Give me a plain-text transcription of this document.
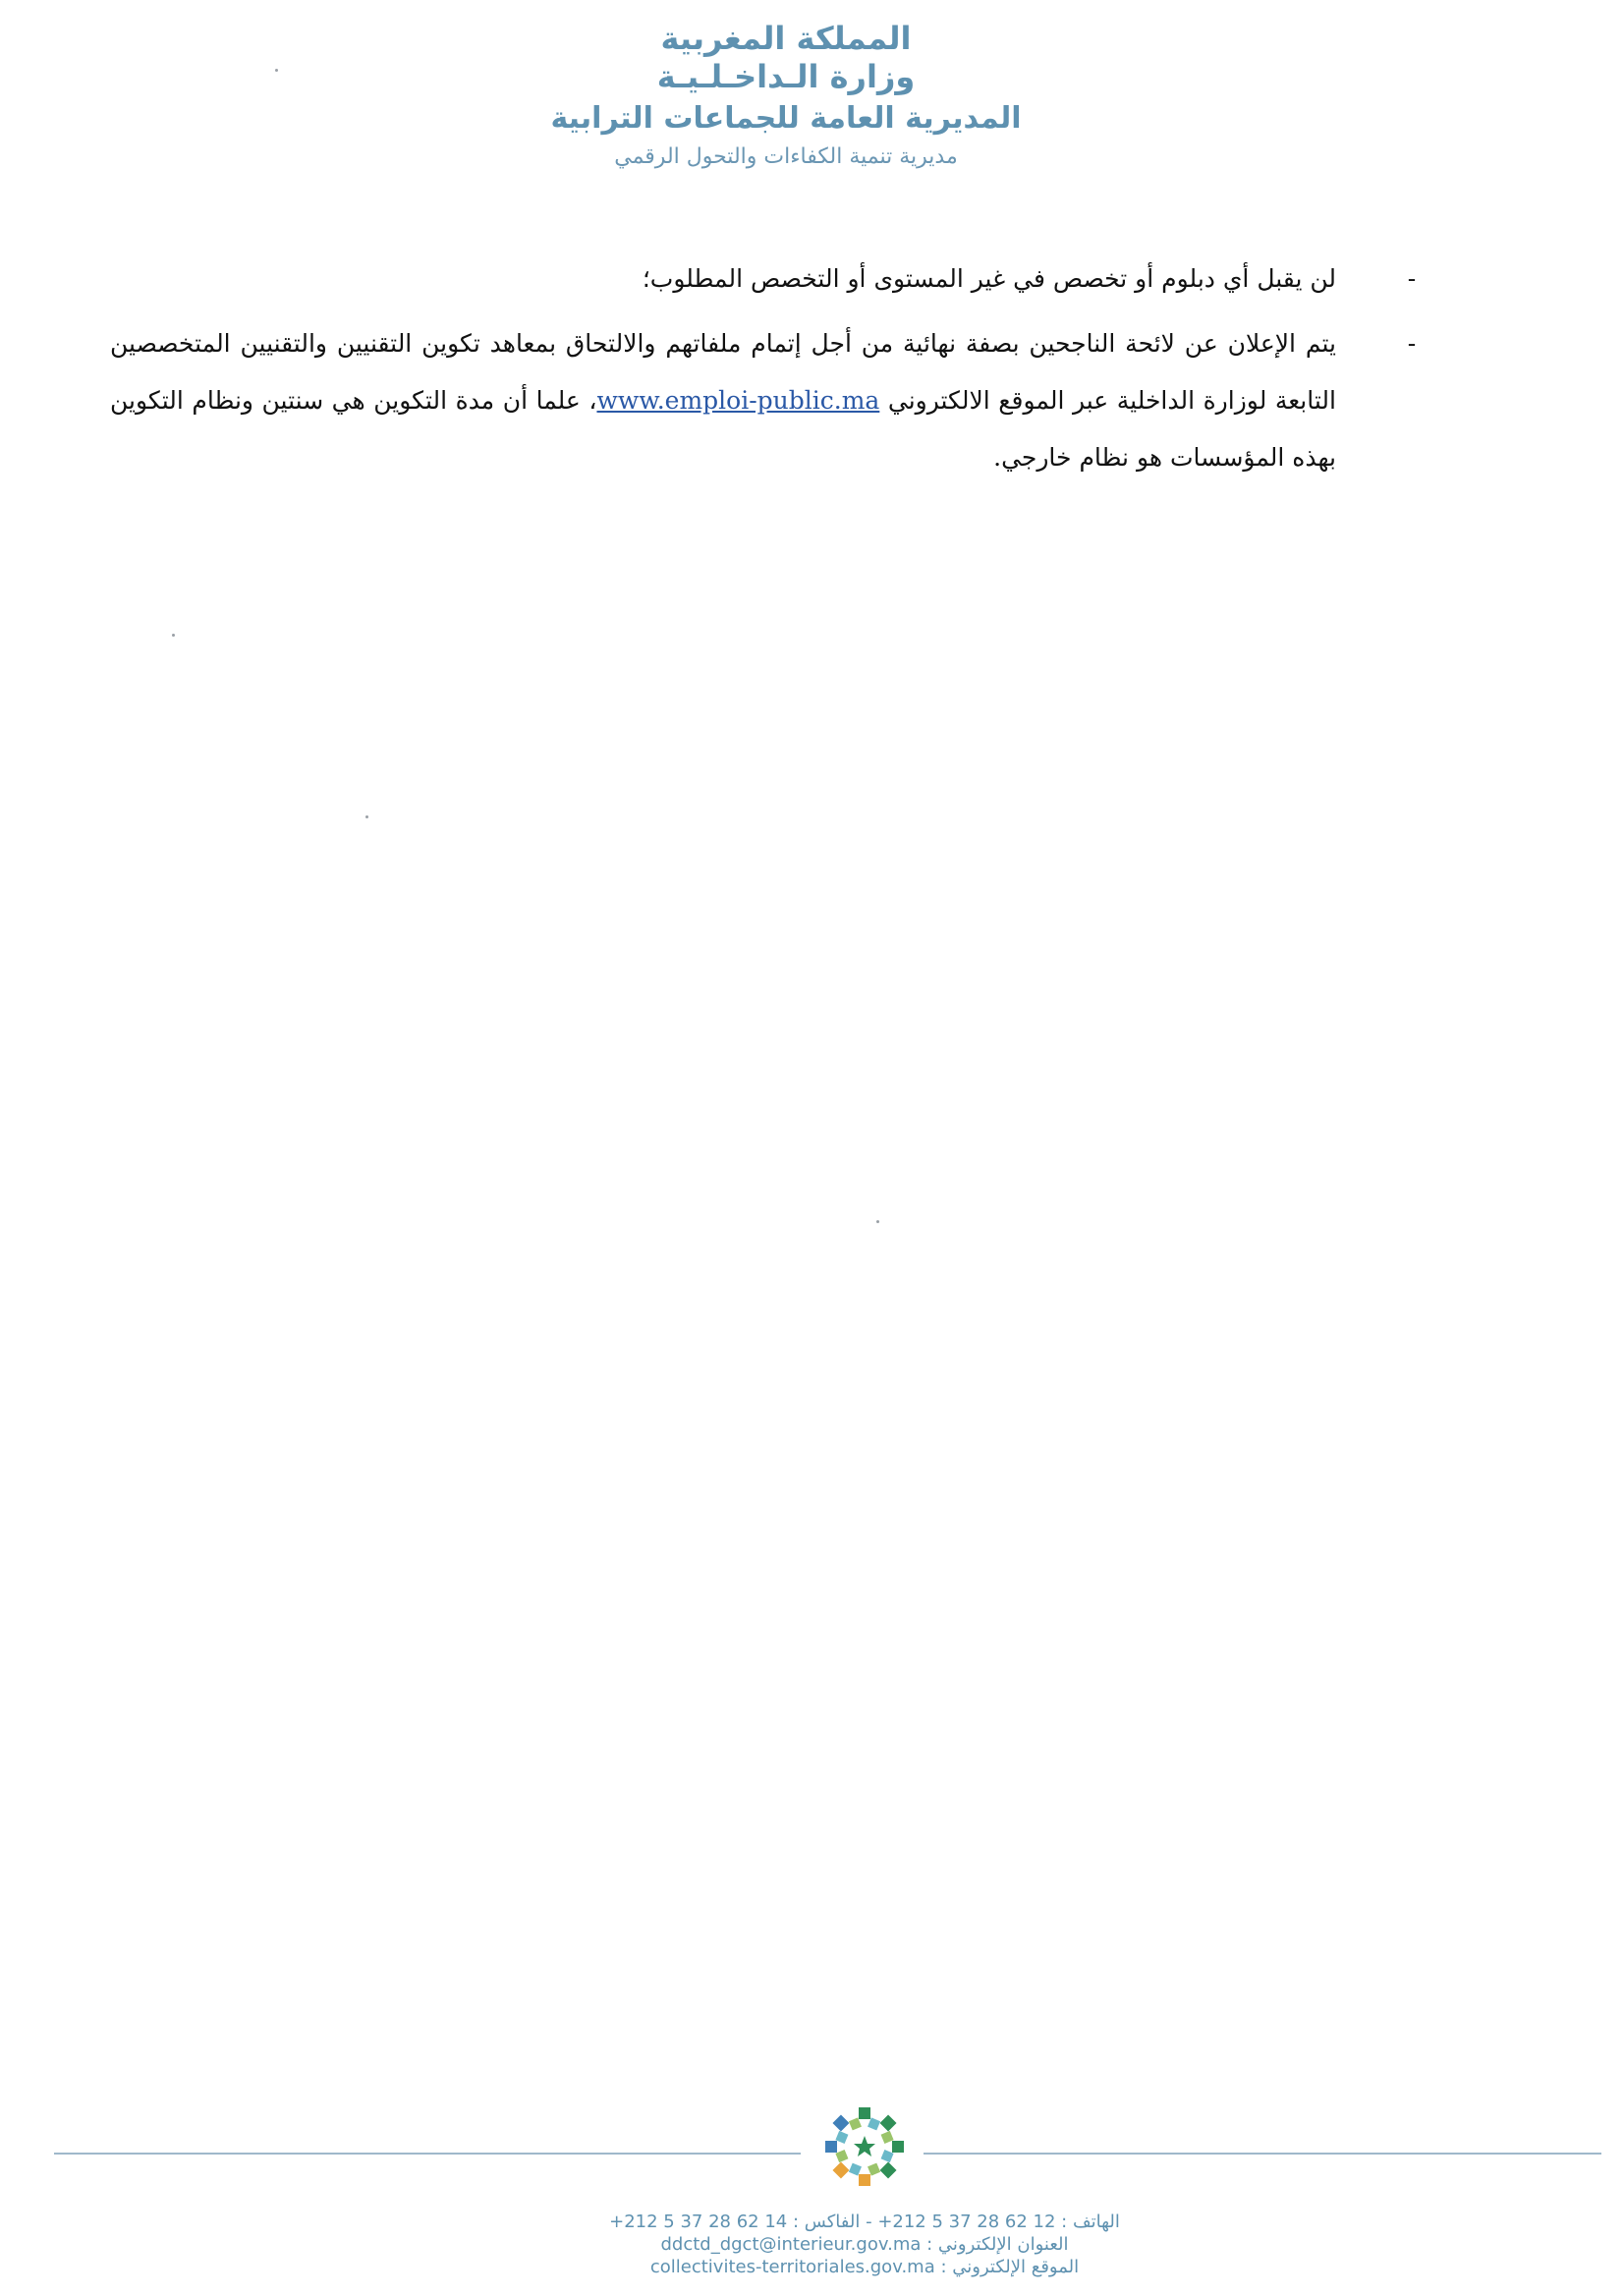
المملكة المغربية
وزارة الـداخـلـيـة
المديرية العامة للجماعات الترابية
مديرية تنمية الكفاءات والتحول الرقمي
-
لن يقبل أي دبلوم أو تخصص في غير المستوى أو التخصص المطلوب؛
-
يتم الإعلان عن لائحة الناجحين بصفة نهائية من أجل إتمام ملفاتهم والالتحاق بمعاهد تكوين التقنيين والتقنيين المتخصصين التابعة لوزارة الداخلية عبر الموقع الالكتروني www.emploi-public.ma، علما أن مدة التكوين هي سنتين ونظام التكوين بهذه المؤسسات هو نظام خارجي.
الهاتف : +212 5 37 28 62 12 - الفاكس : +212 5 37 28 62 14
العنوان الإلكتروني : ddctd_dgct@interieur.gov.ma
الموقع الإلكتروني : collectivites-territoriales.gov.ma
